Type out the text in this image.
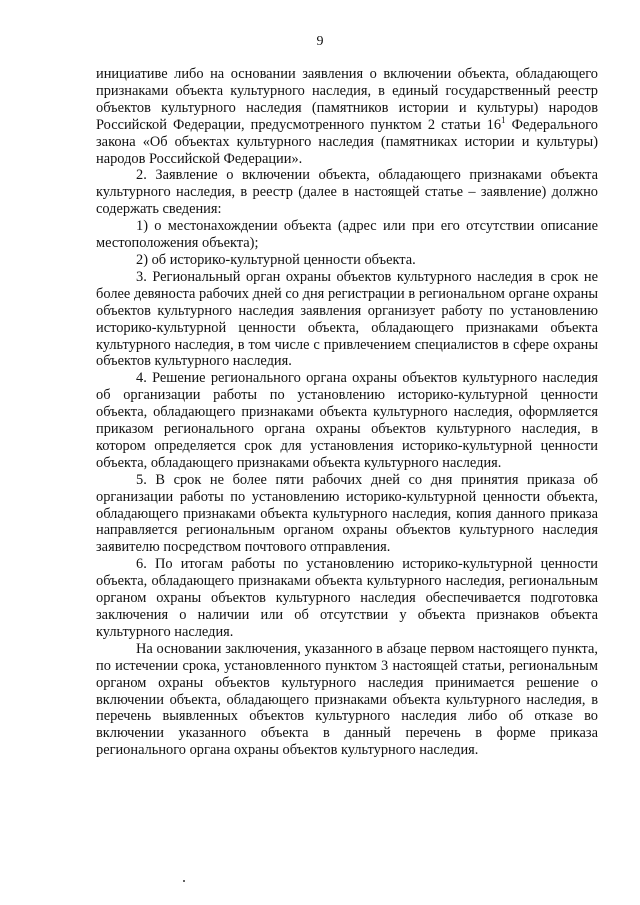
9

инициативе либо на основании заявления о включении объекта, обладающего признаками объекта культурного наследия, в единый государственный реестр объектов культурного наследия (памятников истории и культуры) народов Российской Федерации, предусмотренного пунктом 2 статьи $16^1$ Федерального закона «Об объектах культурного наследия (памятниках истории и культуры) народов Российской Федерации».

2. Заявление о включении объекта, обладающего признаками объекта культурного наследия, в реестр (далее в настоящей статье – заявление) должно содержать сведения:

1) о местонахождении объекта (адрес или при его отсутствии описание местоположения объекта);

2) об историко-культурной ценности объекта.

3. Региональный орган охраны объектов культурного наследия в срок не более девяноста рабочих дней со дня регистрации в региональном органе охраны объектов культурного наследия заявления организует работу по установлению историко-культурной ценности объекта, обладающего признаками объекта культурного наследия, в том числе с привлечением специалистов в сфере охраны объектов культурного наследия.

4. Решение регионального органа охраны объектов культурного наследия об организации работы по установлению историко-культурной ценности объекта, обладающего признаками объекта культурного наследия, оформляется приказом регионального органа охраны объектов культурного наследия, в котором определяется срок для установления историко-культурной ценности объекта, обладающего признаками объекта культурного наследия.

5. В срок не более пяти рабочих дней со дня принятия приказа об организации работы по установлению историко-культурной ценности объекта, обладающего признаками объекта культурного наследия, копия данного приказа направляется региональным органом охраны объектов культурного наследия заявителю посредством почтового отправления.

6. По итогам работы по установлению историко-культурной ценности объекта, обладающего признаками объекта культурного наследия, региональным органом охраны объектов культурного наследия обеспечивается подготовка заключения о наличии или об отсутствии у объекта признаков объекта культурного наследия.

На основании заключения, указанного в абзаце первом настоящего пункта, по истечении срока, установленного пунктом 3 настоящей статьи, региональным органом охраны объектов культурного наследия принимается решение о включении объекта, обладающего признаками объекта культурного наследия, в перечень выявленных объектов культурного наследия либо об отказе во включении указанного объекта в данный перечень в форме приказа регионального органа охраны объектов культурного наследия.
